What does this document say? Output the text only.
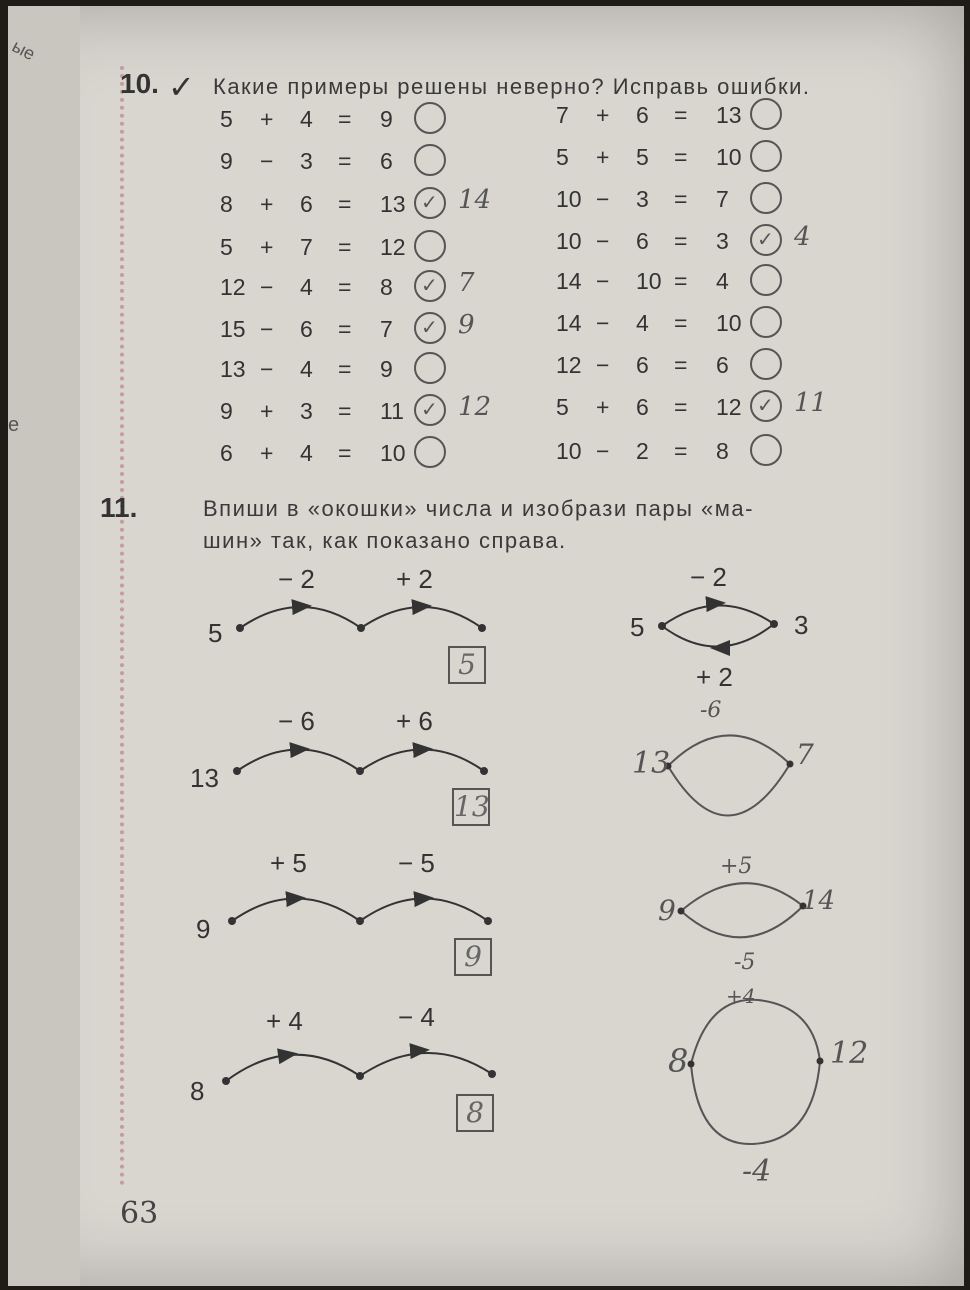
ые
е
10. ✓ Какие примеры решены неверно? Исправь ошибки.
5 + 4 = 9
9 − 3 = 6
8 + 6 = 13 ✓ 14
5 + 7 = 12
12 − 4 = 8 ✓ 7
15 − 6 = 7 ✓ 9
13 − 4 = 9
9 + 3 = 11 ✓ 12
6 + 4 = 10
7 + 6 = 13
5 + 5 = 10
10 − 3 = 7
10 − 6 = 3 ✓ 4
14 − 10 = 4
14 − 4 = 10
12 − 6 = 6
5 + 6 = 12 ✓ 11
10 − 2 = 8
11.	Впиши в «окошки» числа и изобрази пары «ма-
шин» так, как показано справа.
− 2	+ 2
5
5
− 6	+ 6
13
13
+ 5	− 5
9
9
+ 4	− 4
8
8
− 2
5	3
+ 2
-6
13	7
+5
9	14
-5
+4
8	12
-4
63
